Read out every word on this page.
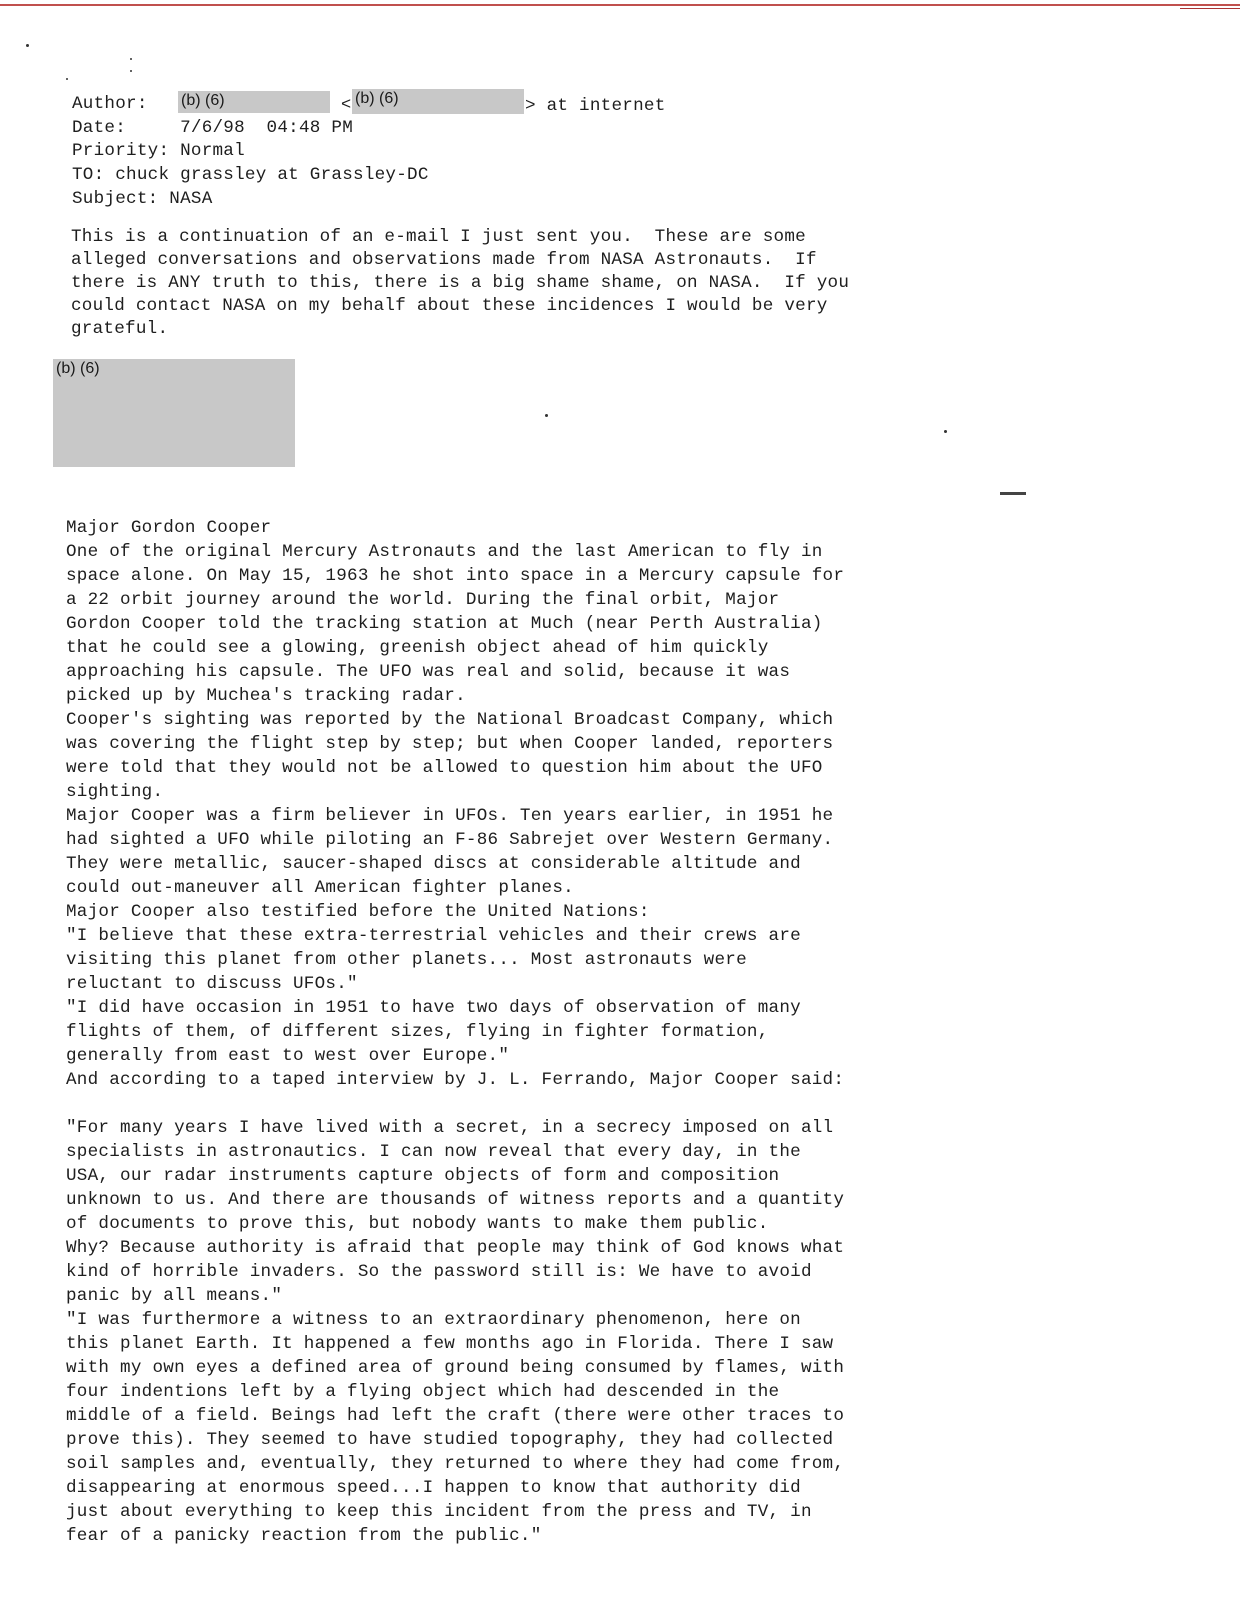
Author: (b) (6)	< (b) (6)	> at internet
Date:     7/6/98  04:48 PM
Priority: Normal
TO: chuck grassley at Grassley-DC
Subject: NASA
This is a continuation of an e-mail I just sent you.  These are some
alleged conversations and observations made from NASA Astronauts.  If
there is ANY truth to this, there is a big shame shame, on NASA.  If you
could contact NASA on my behalf about these incidences I would be very
grateful.
(b) (6)
Major Gordon Cooper
One of the original Mercury Astronauts and the last American to fly in
space alone. On May 15, 1963 he shot into space in a Mercury capsule for
a 22 orbit journey around the world. During the final orbit, Major
Gordon Cooper told the tracking station at Much (near Perth Australia)
that he could see a glowing, greenish object ahead of him quickly
approaching his capsule. The UFO was real and solid, because it was
picked up by Muchea's tracking radar.
Cooper's sighting was reported by the National Broadcast Company, which
was covering the flight step by step; but when Cooper landed, reporters
were told that they would not be allowed to question him about the UFO
sighting.
Major Cooper was a firm believer in UFOs. Ten years earlier, in 1951 he
had sighted a UFO while piloting an F-86 Sabrejet over Western Germany.
They were metallic, saucer-shaped discs at considerable altitude and
could out-maneuver all American fighter planes.
Major Cooper also testified before the United Nations:
"I believe that these extra-terrestrial vehicles and their crews are
visiting this planet from other planets... Most astronauts were
reluctant to discuss UFOs."
"I did have occasion in 1951 to have two days of observation of many
flights of them, of different sizes, flying in fighter formation,
generally from east to west over Europe."
And according to a taped interview by J. L. Ferrando, Major Cooper said:
"For many years I have lived with a secret, in a secrecy imposed on all
specialists in astronautics. I can now reveal that every day, in the
USA, our radar instruments capture objects of form and composition
unknown to us. And there are thousands of witness reports and a quantity
of documents to prove this, but nobody wants to make them public.
Why? Because authority is afraid that people may think of God knows what
kind of horrible invaders. So the password still is: We have to avoid
panic by all means."
"I was furthermore a witness to an extraordinary phenomenon, here on
this planet Earth. It happened a few months ago in Florida. There I saw
with my own eyes a defined area of ground being consumed by flames, with
four indentions left by a flying object which had descended in the
middle of a field. Beings had left the craft (there were other traces to
prove this). They seemed to have studied topography, they had collected
soil samples and, eventually, they returned to where they had come from,
disappearing at enormous speed...I happen to know that authority did
just about everything to keep this incident from the press and TV, in
fear of a panicky reaction from the public."
